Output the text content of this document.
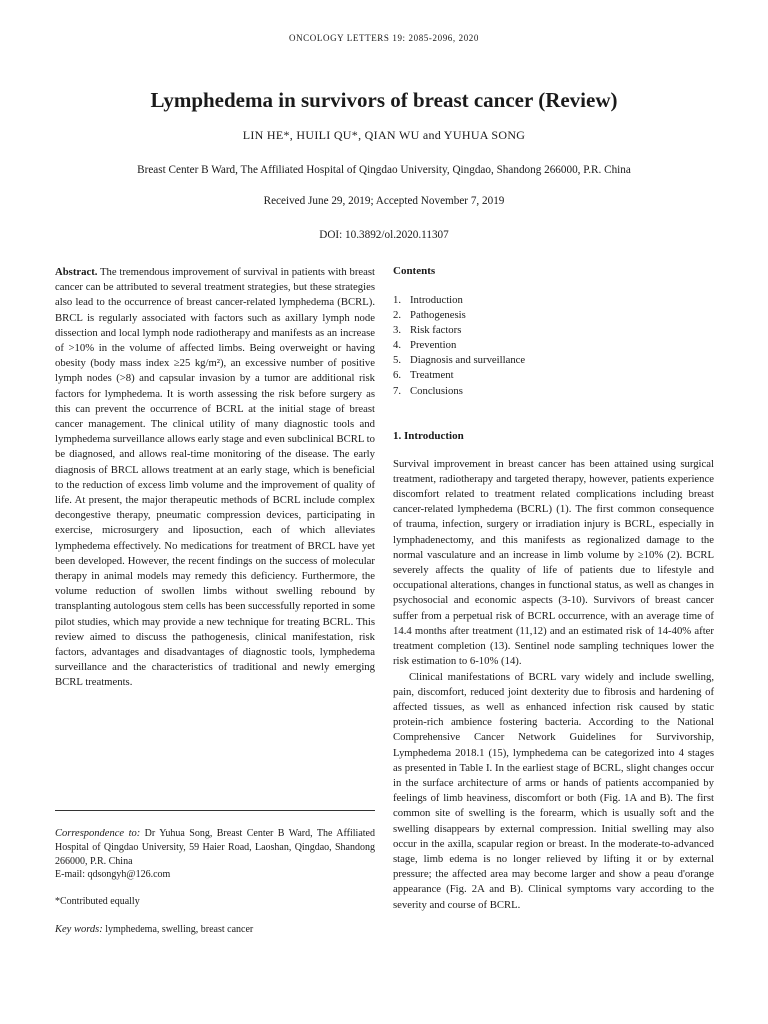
ONCOLOGY LETTERS 19: 2085-2096, 2020
Lymphedema in survivors of breast cancer (Review)
LIN HE*, HUILI QU*, QIAN WU and YUHUA SONG
Breast Center B Ward, The Affiliated Hospital of Qingdao University, Qingdao, Shandong 266000, P.R. China
Received June 29, 2019; Accepted November 7, 2019
DOI: 10.3892/ol.2020.11307

Abstract. The tremendous improvement of survival in patients with breast cancer can be attributed to several treatment strategies, but these strategies also lead to the occurrence of breast cancer-related lymphedema (BCRL). BRCL is regularly associated with factors such as axillary lymph node dissection and local lymph node radiotherapy and manifests as an increase of >10% in the volume of affected limbs. Being overweight or having obesity (body mass index ≥25 kg/m²), an excessive number of positive lymph nodes (>8) and capsular invasion by a tumor are additional risk factors for lymphedema. It is worth assessing the risk before surgery as this can prevent the occurrence of BCRL at the initial stage of breast cancer management. The clinical utility of many diagnostic tools and lymphedema surveillance allows early stage and even subclinical BCRL to be diagnosed, and allows real-time monitoring of the disease. The early diagnosis of BRCL allows treatment at an early stage, which is beneficial to the reduction of excess limb volume and the improvement of quality of life. At present, the major therapeutic methods of BCRL include complex decongestive therapy, pneumatic compression devices, participating in exercise, microsurgery and liposuction, each of which alleviates lymphedema effectively. No medications for treatment of BRCL have yet been developed. However, the recent findings on the success of molecular therapy in animal models may remedy this deficiency. Furthermore, the volume reduction of swollen limbs without swelling rebound by transplanting autologous stem cells has been successfully reported in some pilot studies, which may provide a new technique for treating BCRL. This review aimed to discuss the pathogenesis, clinical manifestation, risk factors, advantages and disadvantages of diagnostic tools, lymphedema surveillance and the characteristics of traditional and newly emerging BCRL treatments.

Correspondence to: Dr Yuhua Song, Breast Center B Ward, The Affiliated Hospital of Qingdao University, 59 Haier Road, Laoshan, Qingdao, Shandong 266000, P.R. China
E-mail: qdsongyh@126.com
*Contributed equally
Key words: lymphedema, swelling, breast cancer
Contents
1. Introduction
2. Pathogenesis
3. Risk factors
4. Prevention
5. Diagnosis and surveillance
6. Treatment
7. Conclusions
1. Introduction

Survival improvement in breast cancer has been attained using surgical treatment, radiotherapy and targeted therapy, however, patients experience discomfort related to treatment related complications including breast cancer-related lymphedema (BCRL) (1). The first common consequence of trauma, infection, surgery or irradiation injury is BCRL, especially in lymphadenectomy, and this manifests as regionalized damage to the normal vasculature and an increase in limb volume by ≥10% (2). BCRL severely affects the quality of life of patients due to lifestyle and occupational alterations, changes in functional status, as well as changes in psychosocial and economic aspects (3-10). Survivors of breast cancer suffer from a perpetual risk of BCRL occurrence, with an average time of 14.4 months after treatment (11,12) and an estimated risk of 14-40% after treatment completion (13). Sentinel node sampling techniques lower the risk estimation to 6-10% (14).

Clinical manifestations of BCRL vary widely and include swelling, pain, discomfort, reduced joint dexterity due to fibrosis and hardening of affected tissues, as well as enhanced infection risk caused by static protein-rich ambience fostering bacteria. According to the National Comprehensive Cancer Network Guidelines for Survivorship, Lymphedema 2018.1 (15), lymphedema can be categorized into 4 stages as presented in Table I. In the earliest stage of BCRL, slight changes occur in the surface architecture of arms or hands of patients accompanied by feelings of limb heaviness, discomfort or both (Fig. 1A and B). The first common site of swelling is the forearm, which is usually soft and the swelling disappears by external compression. Initial swelling may also occur in the axilla, scapular region or breast. In the moderate-to-advanced stage, limb edema is no longer relieved by lifting it or by external pressure; the affected area may become larger and show a peau d'orange appearance (Fig. 2A and B). Clinical symptoms vary according to the severity and course of BCRL.
